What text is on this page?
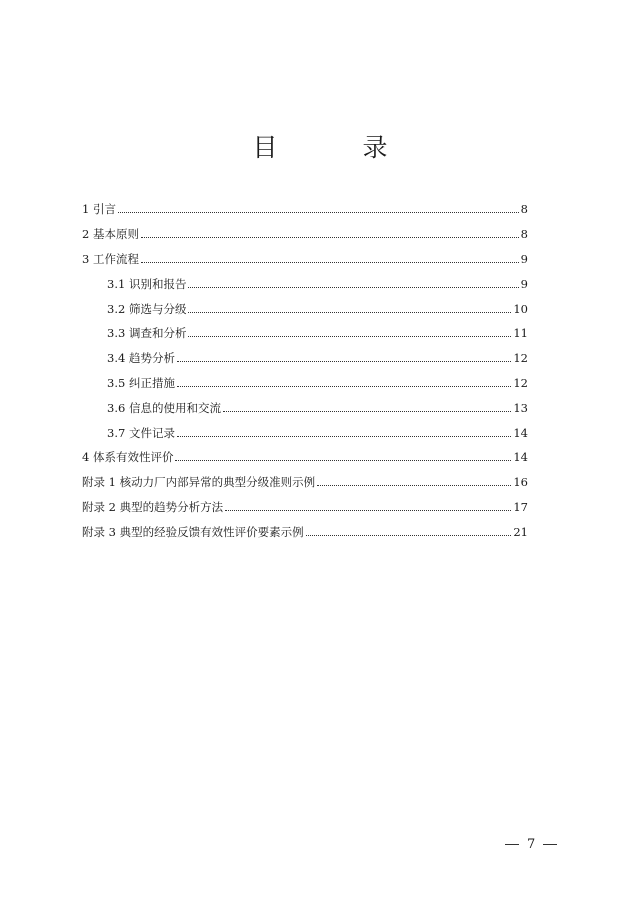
目　录
1 引言	8
2 基本原则	8
3 工作流程	9
3.1 识别和报告	9
3.2 筛选与分级	10
3.3 调查和分析	11
3.4 趋势分析	12
3.5 纠正措施	12
3.6 信息的使用和交流	13
3.7 文件记录	14
4 体系有效性评价	14
附录 1 核动力厂内部异常的典型分级准则示例	16
附录 2 典型的趋势分析方法	17
附录 3 典型的经验反馈有效性评价要素示例	21
7
